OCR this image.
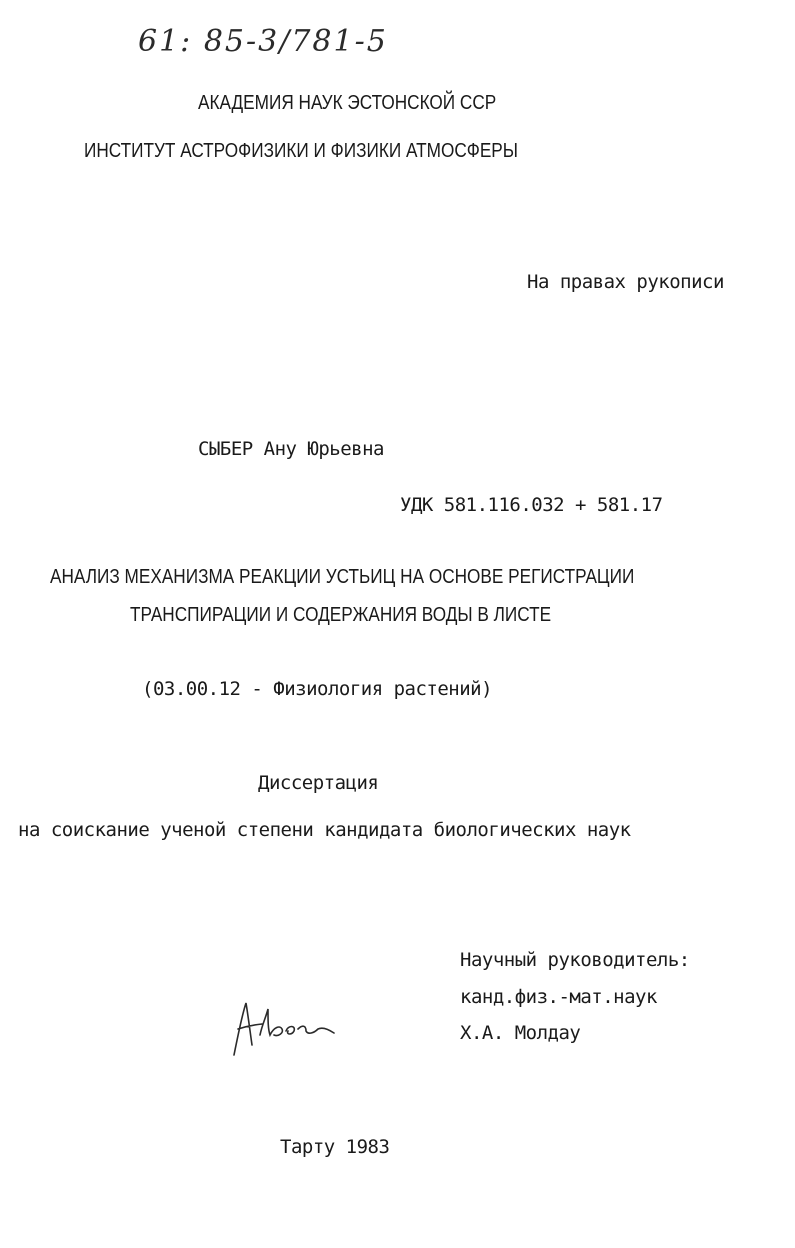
61: 85-3/781-5
АКАДЕМИЯ НАУК ЭСТОНСКОЙ ССР
ИНСТИТУТ АСТРОФИЗИКИ И ФИЗИКИ АТМОСФЕРЫ
На правах рукописи
СЫБЕР Ану Юрьевна
УДК 581.116.032 + 581.17
АНАЛИЗ МЕХАНИЗМА РЕАКЦИИ УСТЬИЦ НА ОСНОВЕ РЕГИСТРАЦИИ
ТРАНСПИРАЦИИ И СОДЕРЖАНИЯ ВОДЫ В ЛИСТЕ
(03.00.12 - Физиология растений)
Диссертация
на соискание ученой степени кандидата биологических наук
Научный руководитель:
канд.физ.-мат.наук
Х.А. Молдау
Тарту 1983
